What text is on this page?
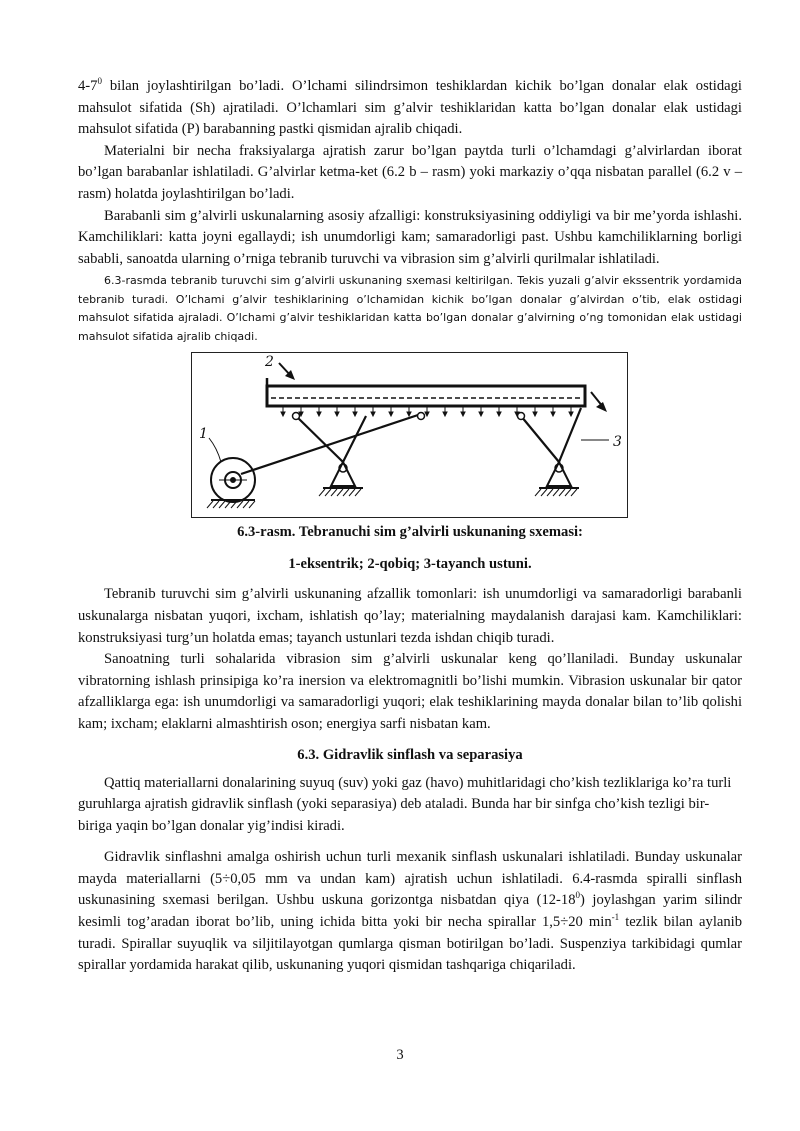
$4-7^0$ bilan joylashtirilgan bo’ladi. O’lchami silindrsimon teshiklardan kichik bo’lgan donalar elak ostidagi mahsulot sifatida (Sh) ajratiladi. O’lchamlari sim g’alvir teshiklaridan katta bo’lgan donalar elak ustidagi mahsulot sifatida (P) barabanning pastki qismidan ajralib chiqadi.

Materialni bir necha fraksiyalarga ajratish zarur bo’lgan paytda turli o’lchamdagi g’alvirlardan iborat bo’lgan barabanlar ishlatiladi. G’alvirlar ketma-ket (6.2 b – rasm) yoki markaziy o’qqa nisbatan parallel (6.2 v – rasm) holatda joylashtirilgan bo’ladi.

Barabanli sim g’alvirli uskunalarning asosiy afzalligi: konstruksiyasining oddiyligi va bir me’yorda ishlashi. Kamchiliklari: katta joyni egallaydi; ish unumdorligi kam; samaradorligi past. Ushbu kamchiliklarning borligi sababli, sanoatda ularning o’rniga tebranib turuvchi va vibrasion sim g’alvirli qurilmalar ishlatiladi.

6.3-rasmda tebranib turuvchi sim g’alvirli uskunaning sxemasi keltirilgan. Tekis yuzali g’alvir ekssentrik yordamida tebranib turadi. O’lchami g’alvir teshiklarining o’lchamidan kichik bo’lgan donalar g’alvirdan o’tib, elak ostidagi mahsulot sifatida ajraladi. O’lchami g’alvir teshiklaridan katta bo’lgan donalar g’alvirning o’ng tomonidan elak ustidagi mahsulot sifatida ajralib chiqadi.

1
2
3
6.3-rasm. Tebranuchi sim g’alvirli uskunaning sxemasi:
1-eksentrik; 2-qobiq; 3-tayanch ustuni.

Tebranib turuvchi sim g’alvirli uskunaning afzallik tomonlari: ish unumdorligi va samaradorligi barabanli uskunalarga nisbatan yuqori, ixcham, ishlatish qo’lay; materialning maydalanish darajasi kam. Kamchiliklari: konstruksiyasi turg’un holatda emas; tayanch ustunlari tezda ishdan chiqib turadi.

Sanoatning turli sohalarida vibrasion sim g’alvirli uskunalar keng qo’llaniladi. Bunday uskunalar vibratorning ishlash prinsipiga ko’ra inersion va elektromagnitli bo’lishi mumkin. Vibrasion uskunalar bir qator afzalliklarga ega: ish unumdorligi va samaradorligi yuqori; elak teshiklarining mayda donalar bilan to’lib qolishi kam; ixcham; elaklarni almashtirish oson; energiya sarfi nisbatan kam.

6.3. Gidravlik sinflash va separasiya

Qattiq materiallarni donalarining suyuq (suv) yoki gaz (havo) muhitlaridagi cho’kish tezliklariga ko’ra turli guruhlarga ajratish gidravlik sinflash (yoki separasiya) deb ataladi. Bunda har bir sinfga cho’kish tezligi bir-biriga yaqin bo’lgan donalar yig’indisi kiradi.

Gidravlik sinflashni amalga oshirish uchun turli mexanik sinflash uskunalari ishlatiladi. Bunday uskunalar mayda materiallarni (5÷0,05 mm va undan kam) ajratish uchun ishlatiladi. 6.4-rasmda spiralli sinflash uskunasining sxemasi berilgan. Ushbu uskuna gorizontga nisbatdan qiya $(12-18^0)$ joylashgan yarim silindr kesimli tog’aradan iborat bo’lib, uning ichida bitta yoki bir necha spirallar 1,5÷20 $\min^{-1}$ tezlik bilan aylanib turadi. Spirallar suyuqlik va siljitilayotgan qumlarga qisman botirilgan bo’ladi. Suspenziya tarkibidagi qumlar spirallar yordamida harakat qilib, uskunaning yuqori qismidan tashqariga chiqariladi.

3
